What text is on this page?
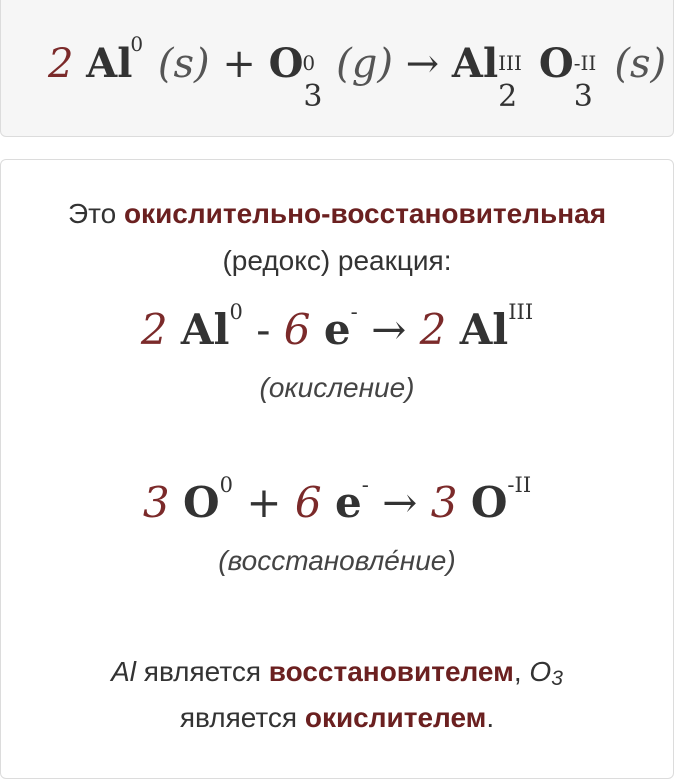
2 Al0 (s) + O 0
3
(g) → Al III
2
O -II
3
(s)
Это окислительно-восстановительная
(редокс) реакция:
2 Al0 - 6 e- → 2 AlIII
(окисление)
3 O0 + 6 e- → 3 O-II
(восстановле́ние)
Al является восстановителем, O3
является окислителем.
